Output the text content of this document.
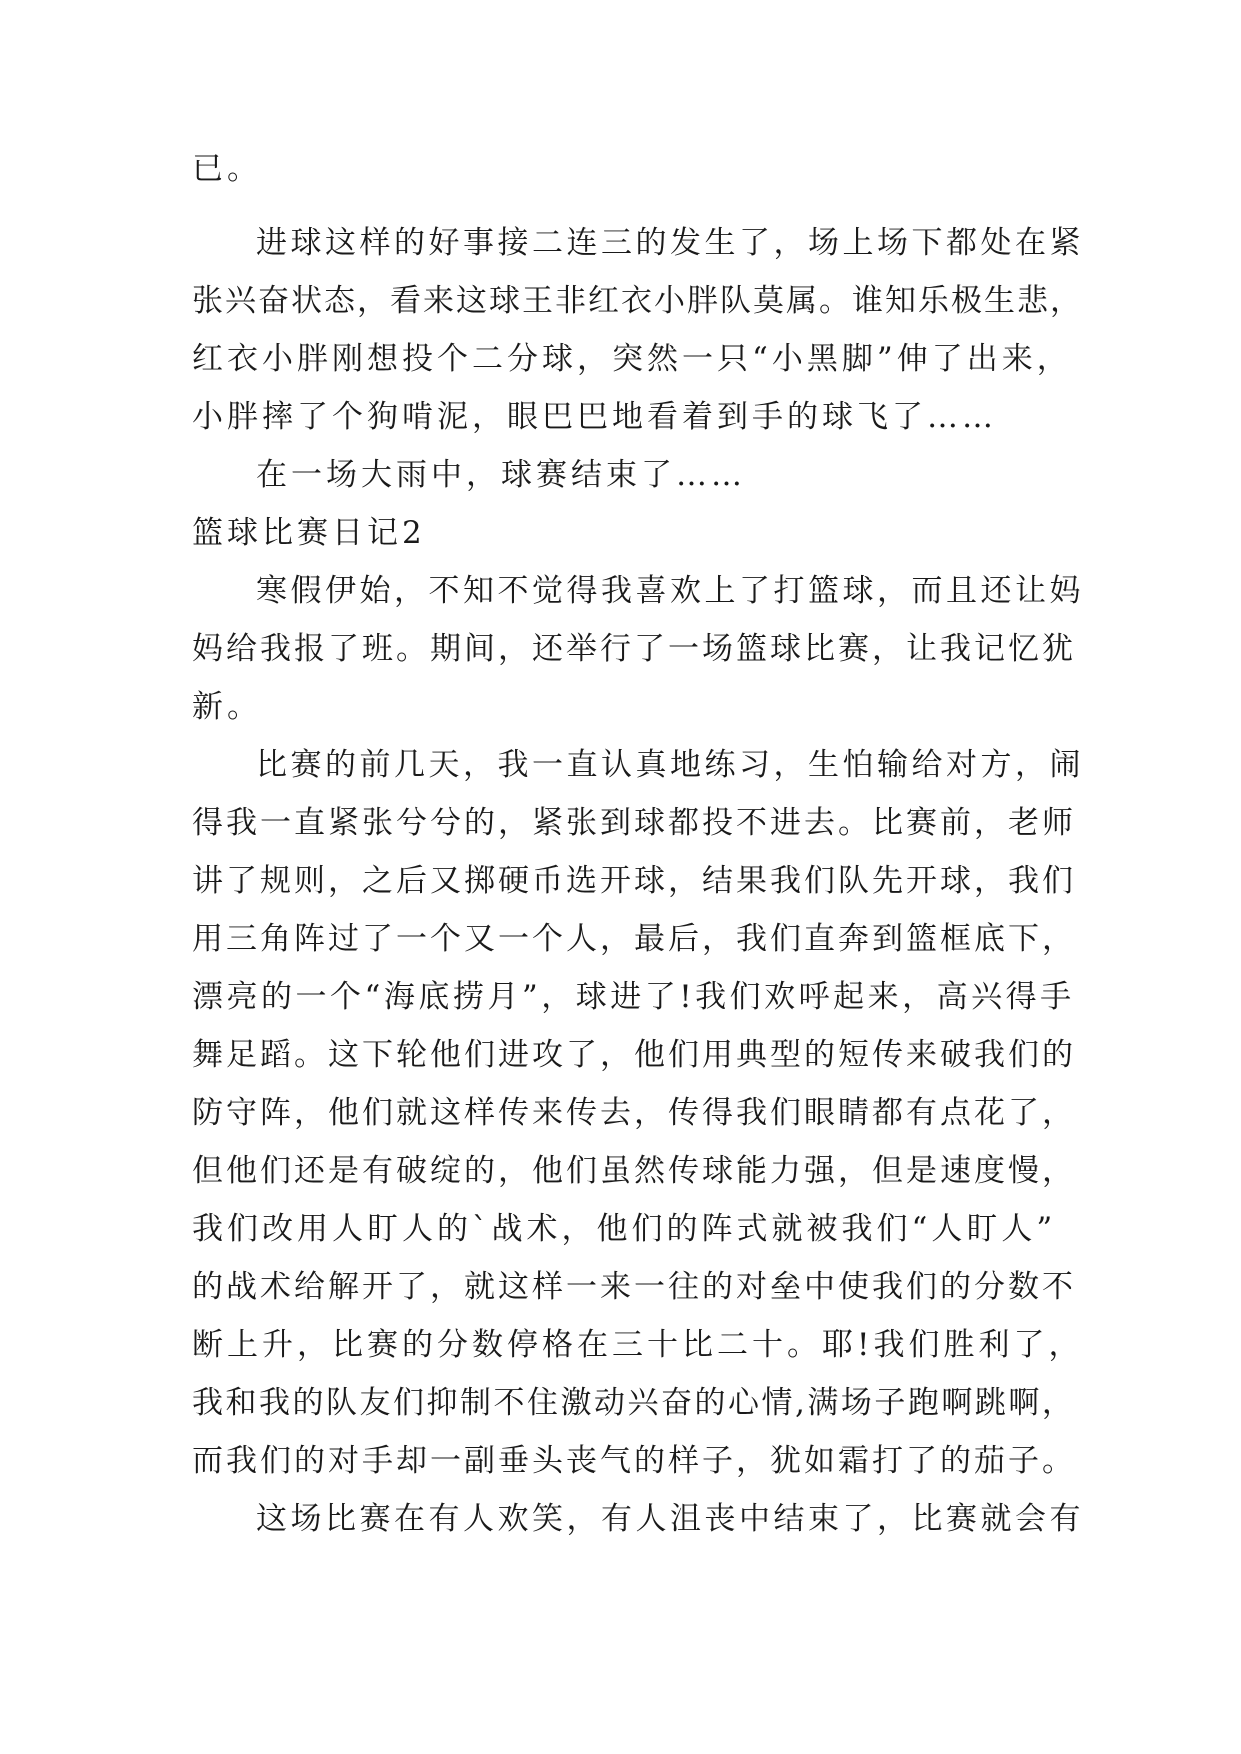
已。
进球这样的好事接二连三的发生了，场上场下都处在紧
张兴奋状态，看来这球王非红衣小胖队莫属。谁知乐极生悲，
红衣小胖刚想投个二分球，突然一只“小黑脚”伸了出来，
小胖摔了个狗啃泥，眼巴巴地看着到手的球飞了……
在一场大雨中，球赛结束了……
篮球比赛日记2
寒假伊始，不知不觉得我喜欢上了打篮球，而且还让妈
妈给我报了班。期间，还举行了一场篮球比赛，让我记忆犹
新。
比赛的前几天，我一直认真地练习，生怕输给对方，闹
得我一直紧张兮兮的，紧张到球都投不进去。比赛前，老师
讲了规则，之后又掷硬币选开球，结果我们队先开球，我们
用三角阵过了一个又一个人，最后，我们直奔到篮框底下，
漂亮的一个“海底捞月”，球进了!我们欢呼起来，高兴得手
舞足蹈。这下轮他们进攻了，他们用典型的短传来破我们的
防守阵，他们就这样传来传去，传得我们眼睛都有点花了，
但他们还是有破绽的，他们虽然传球能力强，但是速度慢，
我们改用人盯人的`战术，他们的阵式就被我们“人盯人”
的战术给解开了，就这样一来一往的对垒中使我们的分数不
断上升，比赛的分数停格在三十比二十。耶!我们胜利了，
我和我的队友们抑制不住激动兴奋的心情,满场子跑啊跳啊，
而我们的对手却一副垂头丧气的样子，犹如霜打了的茄子。
这场比赛在有人欢笑，有人沮丧中结束了，比赛就会有
